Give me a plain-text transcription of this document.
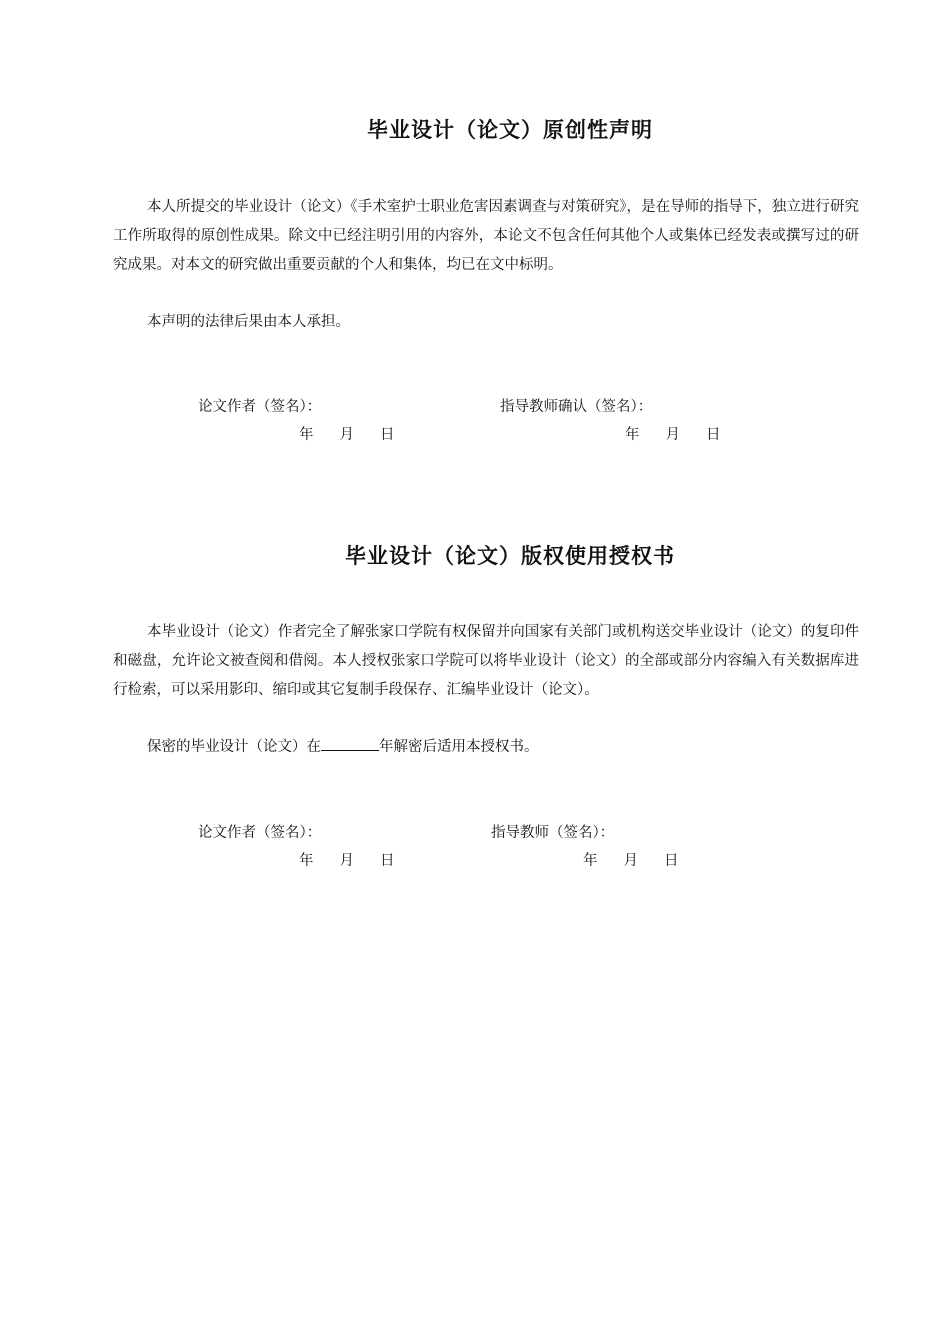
毕业设计（论文）原创性声明

本人所提交的毕业设计（论文）《手术室护士职业危害因素调查与对策研究》，是在导师的指导下，独立进行研究工作所取得的原创性成果。除文中已经注明引用的内容外，本论文不包含任何其他个人或集体已经发表或撰写过的研究成果。对本文的研究做出重要贡献的个人和集体，均已在文中标明。

本声明的法律后果由本人承担。

论文作者（签名）：	指导教师确认（签名）：
年 月 日	年 月 日
毕业设计（论文）版权使用授权书

本毕业设计（论文）作者完全了解张家口学院有权保留并向国家有关部门或机构送交毕业设计（论文）的复印件和磁盘，允许论文被查阅和借阅。本人授权张家口学院可以将毕业设计（论文）的全部或部分内容编入有关数据库进行检索，可以采用影印、缩印或其它复制手段保存、汇编毕业设计（论文）。

保密的毕业设计（论文）在	年解密后适用本授权书。

论文作者（签名）：	指导教师（签名）：
年 月 日	年 月 日
